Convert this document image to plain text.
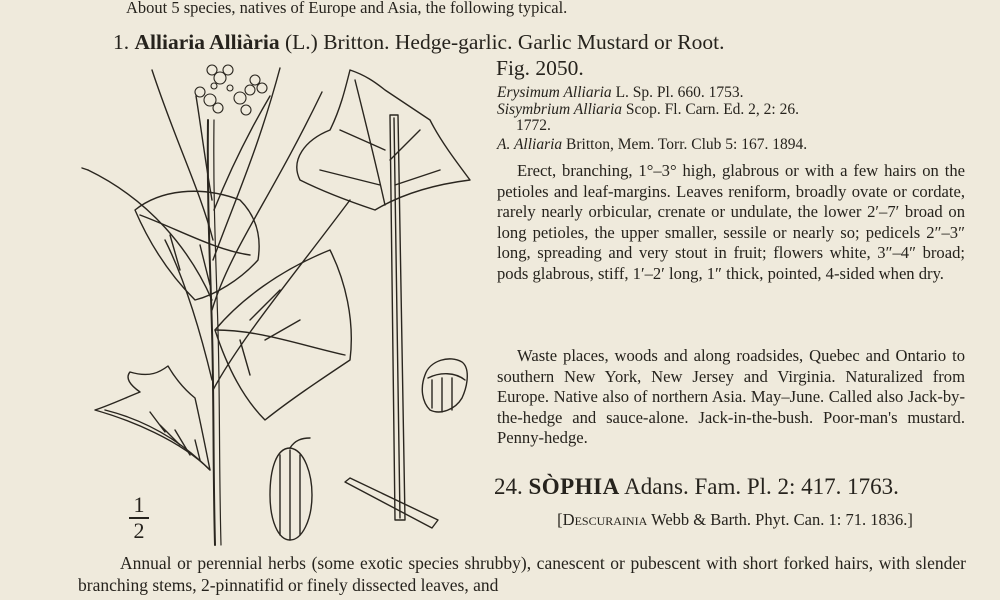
About 5 species, natives of Europe and Asia, the following typical.
1. Alliaria Alliària (L.) Britton. Hedge-garlic. Garlic Mustard or Root.
Fig. 2050.
Erysimum Alliaria L. Sp. Pl. 660. 1753.
Sisymbrium Alliaria Scop. Fl. Carn. Ed. 2, 2: 26.
1772.
A. Alliaria Britton, Mem. Torr. Club 5: 167. 1894.

Erect, branching, 1°–3° high, glabrous or with a few hairs on the petioles and leaf-margins. Leaves reniform, broadly ovate or cordate, rarely nearly orbicular, crenate or undulate, the lower 2′–7′ broad on long petioles, the upper smaller, sessile or nearly so; pedicels 2″–3″ long, spreading and very stout in fruit; flowers white, 3″–4″ broad; pods glabrous, stiff, 1′–2′ long, 1″ thick, pointed, 4-sided when dry.

Waste places, woods and along roadsides, Quebec and Ontario to southern New York, New Jersey and Virginia. Naturalized from Europe. Native also of northern Asia. May–June. Called also Jack-by-the-hedge and sauce-alone. Jack-in-the-bush. Poor-man's mustard. Penny-hedge.

24. SÒPHIA Adans. Fam. Pl. 2: 417. 1763.
[Descurainia Webb & Barth. Phyt. Can. 1: 71. 1836.]

Annual or perennial herbs (some exotic species shrubby), canescent or pubescent with short forked hairs, with slender branching stems, 2-pinnatifid or finely dissected leaves, and

1
2
